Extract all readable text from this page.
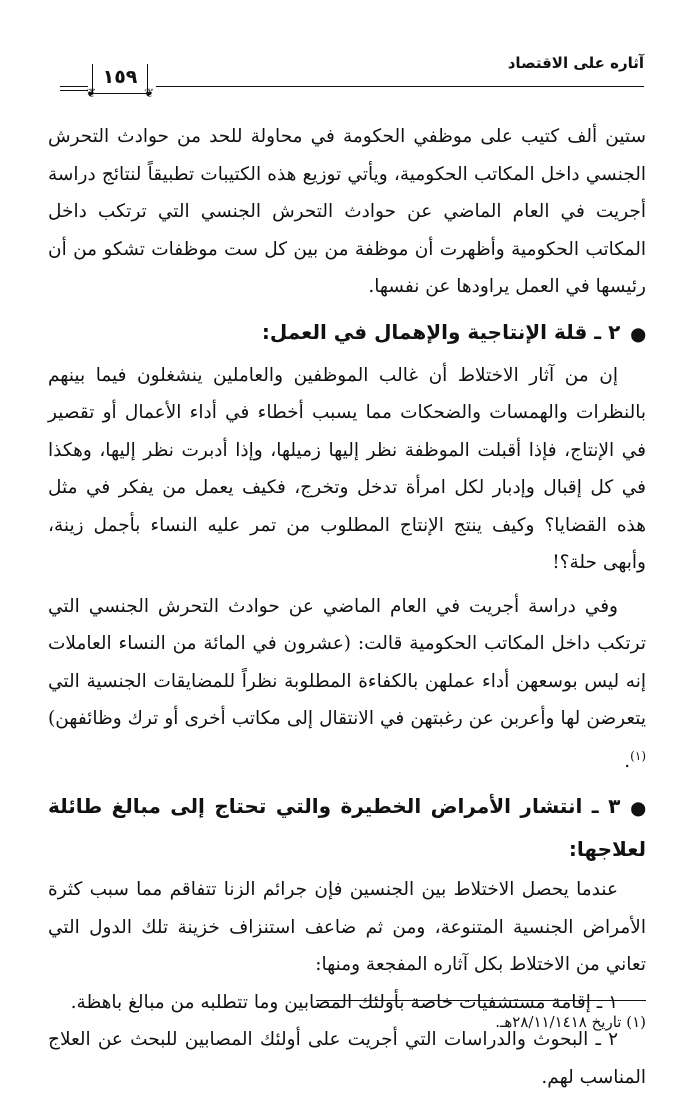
آثاره على الاقتصاد
❦	❦
١٥٩

ستين ألف كتيب على موظفي الحكومة في محاولة للحد من حوادث التحرش الجنسي داخل المكاتب الحكومية، ويأتي توزيع هذه الكتيبات تطبيقاً لنتائج دراسة أجريت في العام الماضي عن حوادث التحرش الجنسي التي ترتكب داخل المكاتب الحكومية وأظهرت أن موظفة من بين كل ست موظفات تشكو من أن رئيسها في العمل يراودها عن نفسها.

⬤٢ ـ قلة الإنتاجية والإهمال في العمل:

إن من آثار الاختلاط أن غالب الموظفين والعاملين ينشغلون فيما بينهم بالنظرات والهمسات والضحكات مما يسبب أخطاء في أداء الأعمال أو تقصير في الإنتاج، فإذا أقبلت الموظفة نظر إليها زميلها، وإذا أدبرت نظر إليها، وهكذا في كل إقبال وإدبار لكل امرأة تدخل وتخرج، فكيف يعمل من يفكر في مثل هذه القضايا؟ وكيف ينتج الإنتاج المطلوب من تمر عليه النساء بأجمل زينة، وأبهى حلة؟!

وفي دراسة أجريت في العام الماضي عن حوادث التحرش الجنسي التي ترتكب داخل المكاتب الحكومية قالت: (عشرون في المائة من النساء العاملات إنه ليس بوسعهن أداء عملهن بالكفاءة المطلوبة نظراً للمضايقات الجنسية التي يتعرضن لها وأعربن عن رغبتهن في الانتقال إلى مكاتب أخرى أو ترك وظائفهن)$^{(١)}$.

⬤٣ ـ انتشار الأمراض الخطيرة والتي تحتاج إلى مبالغ طائلة لعلاجها:

عندما يحصل الاختلاط بين الجنسين فإن جرائم الزنا تتفاقم مما سبب كثرة الأمراض الجنسية المتنوعة، ومن ثم ضاعف استنزاف خزينة تلك الدول التي تعاني من الاختلاط بكل آثاره المفجعة ومنها:

١ ـ إقامة مستشفيات خاصة بأولئك المصابين وما تتطلبه من مبالغ باهظة.

٢ ـ البحوث والدراسات التي أجريت على أولئك المصابين للبحث عن العلاج المناسب لهم.

(١) تاريخ ٢٨/١١/١٤١٨هـ.
